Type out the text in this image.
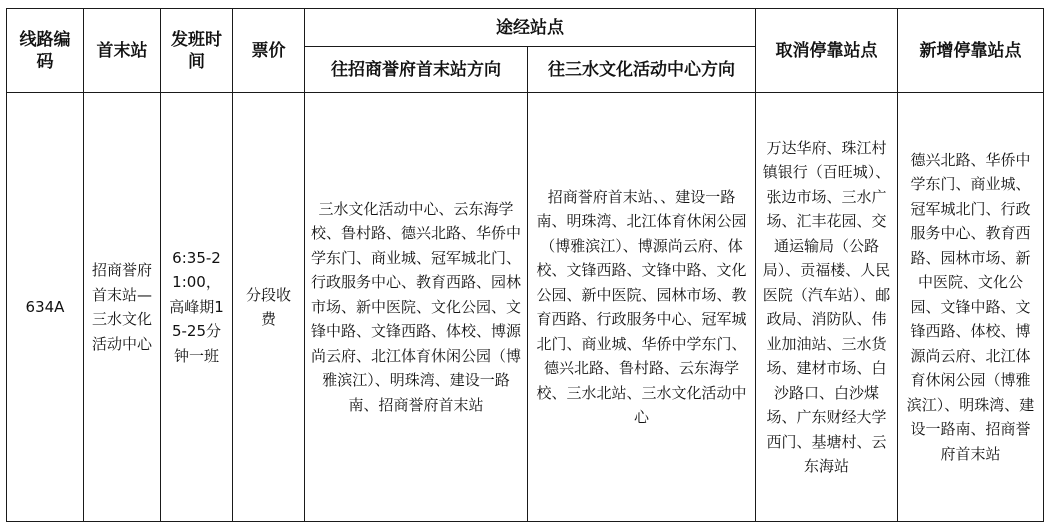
线路编码	首末站	发班时间	票价	途经站点		取消停靠站点	新增停靠站点
				往招商誉府首末站方向	往三水文化活动中心方向		
634A	招商誉府首末站—三水文化活动中心	6:35-21:00，高峰期15-25分钟一班	分段收费	三水文化活动中心、云东海学校、鲁村路、德兴北路、华侨中学东门、商业城、冠军城北门、行政服务中心、教育西路、园林市场、新中医院、文化公园、文锋中路、文锋西路、体校、博源尚云府、北江体育休闲公园（博雅滨江）、明珠湾、建设一路南、招商誉府首末站	招商誉府首末站、、建设一路南、明珠湾、北江体育休闲公园（博雅滨江）、博源尚云府、体校、文锋西路、文锋中路、文化公园、新中医院、园林市场、教育西路、行政服务中心、冠军城北门、商业城、华侨中学东门、德兴北路、鲁村路、云东海学校、三水北站、三水文化活动中心	万达华府、珠江村镇银行（百旺城）、张边市场、三水广场、汇丰花园、交通运输局（公路局）、贡福楼、人民医院（汽车站）、邮政局、消防队、伟业加油站、三水货场、建材市场、白沙路口、白沙煤场、广东财经大学西门、基塘村、云东海站	德兴北路、华侨中学东门、商业城、冠军城北门、行政服务中心、教育西路、园林市场、新中医院、文化公园、文锋中路、文锋西路、体校、博源尚云府、北江体育休闲公园（博雅滨江）、明珠湾、建设一路南、招商誉府首末站
